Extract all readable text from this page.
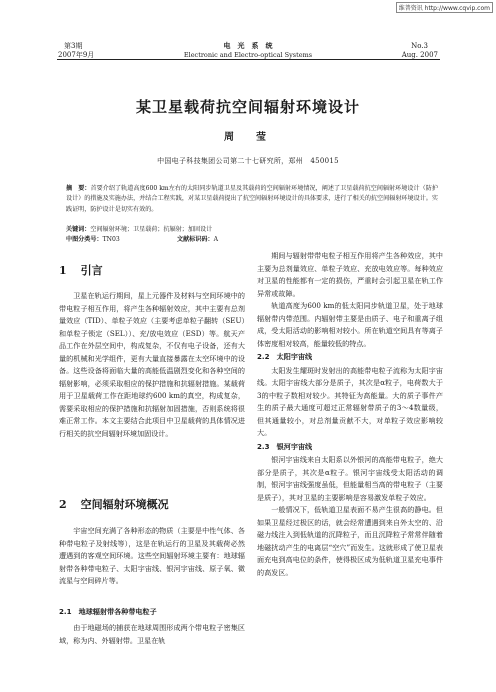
维普资讯 http://www.cqvip.com
第3期
2007年9月
电　光　系　统
Electronic and Electro-optical Systems
No.3
Aug. 2007
某卫星载荷抗空间辐射环境设计
周　莹
中国电子科技集团公司第二十七研究所，郑州　450015
摘　要：首要介绍了轨道高度600 km左右的太阳同步轨道卫星及其载荷的空间辐射环境情况，阐述了卫星载荷抗空间辐射环境设计（防护设计）的措施及实施办法，并结合工程实践，对某卫星载荷提出了抗空间辐射环境设计的具体要求，进行了相关的抗空间辐射环境设计。实践证明，防护设计是切实有效的。
关键词：空间辐射环境；卫星载荷；抗辐射；加固设计
中图分类号：TN03	文献标识码：A
1 引言

卫星在轨运行期间，星上元器件及材料与空间环境中的带电粒子相互作用，将产生各种辐射效应，其中主要有总剂量效应（TID）、单粒子效应（主要考虑单粒子翻转（SEU）和单粒子锁定（SEL））、充/放电效应（ESD）等。航天产品工作在外层空间中，构成复杂，不仅有电子设备，还有大量的机械和光学组件，更有大量直接暴露在太空环境中的设备。这些设备将面临大量的高能低温剧烈变化和各种空间的辐射影响，必须采取相应的保护措施和抗辐射措施。某载荷用于卫星载荷工作在距地球约600 km的真空，构成复杂，需要采取相应的保护措施和抗辐射加固措施，否则系统将很难正常工作。本文主要结合此项目中卫星载荷的具体情况进行相关的抗空间辐射环境加固设计。

2 空间辐射环境概况

宇宙空间充满了各种形态的物质（主要是中性气体、各种带电粒子及射线等），这是在轨运行的卫星及其载荷必然遭遇到的客观空间环境。这些空间辐射环境主要有：地球辐射带各种带电粒子、太阳宇宙线、银河宇宙线、原子氧、微流星与空间碎片等。

2.1　地球辐射带各种带电粒子

由于地磁场的捕获在地球周围形成两个带电粒子密集区域，称为内、外辐射带。卫星在轨

期间与辐射带带电粒子相互作用将产生各种效应，其中主要为总剂量效应、单粒子效应、充放电效应等。每种效应对卫星的性能都有一定的损伤，严重时会引起卫星在轨工作异常或故障。

轨道高度为600 km的低太阳同步轨道卫星，处于地球辐射带内带范围。内辐射带主要是由质子、电子和重离子组成，受太阳活动的影响相对较小。所在轨道空间具有等离子体密度相对较高，能量较低的特点。

2.2　太阳宇宙线

太阳发生耀斑时发射出的高能带电粒子流称为太阳宇宙线。太阳宇宙线大部分是质子，其次是α粒子，电荷数大于3的中粒子数相对较少。其特征为高能量。大的质子事件产生的质子最大通度可超过正常辐射带质子的3～4数量级，但其通量较小，对总剂量贡献不大，对单粒子效应影响较大。

2.3　银河宇宙线

银河宇宙线来自太阳系以外银河的高能带电粒子，绝大部分是质子，其次是α粒子。银河宇宙线受太阳活动的调制，银河宇宙线强度虽低，但能量相当高的带电粒子（主要是质子），其对卫星的主要影响是容易激发单粒子效应。

一般情况下，低轨道卫星表面不易产生很高的静电。但如果卫星经过极区的话，就会经常遭遇到来自外太空的、沿磁力线注入到低轨道的沉降粒子，而且沉降粒子常常伴随着地磁扰动产生的电离层“空穴”而发生。这就形成了使卫星表面充电到高电位的条件，使得极区成为低轨道卫星充电事件的高发区。
